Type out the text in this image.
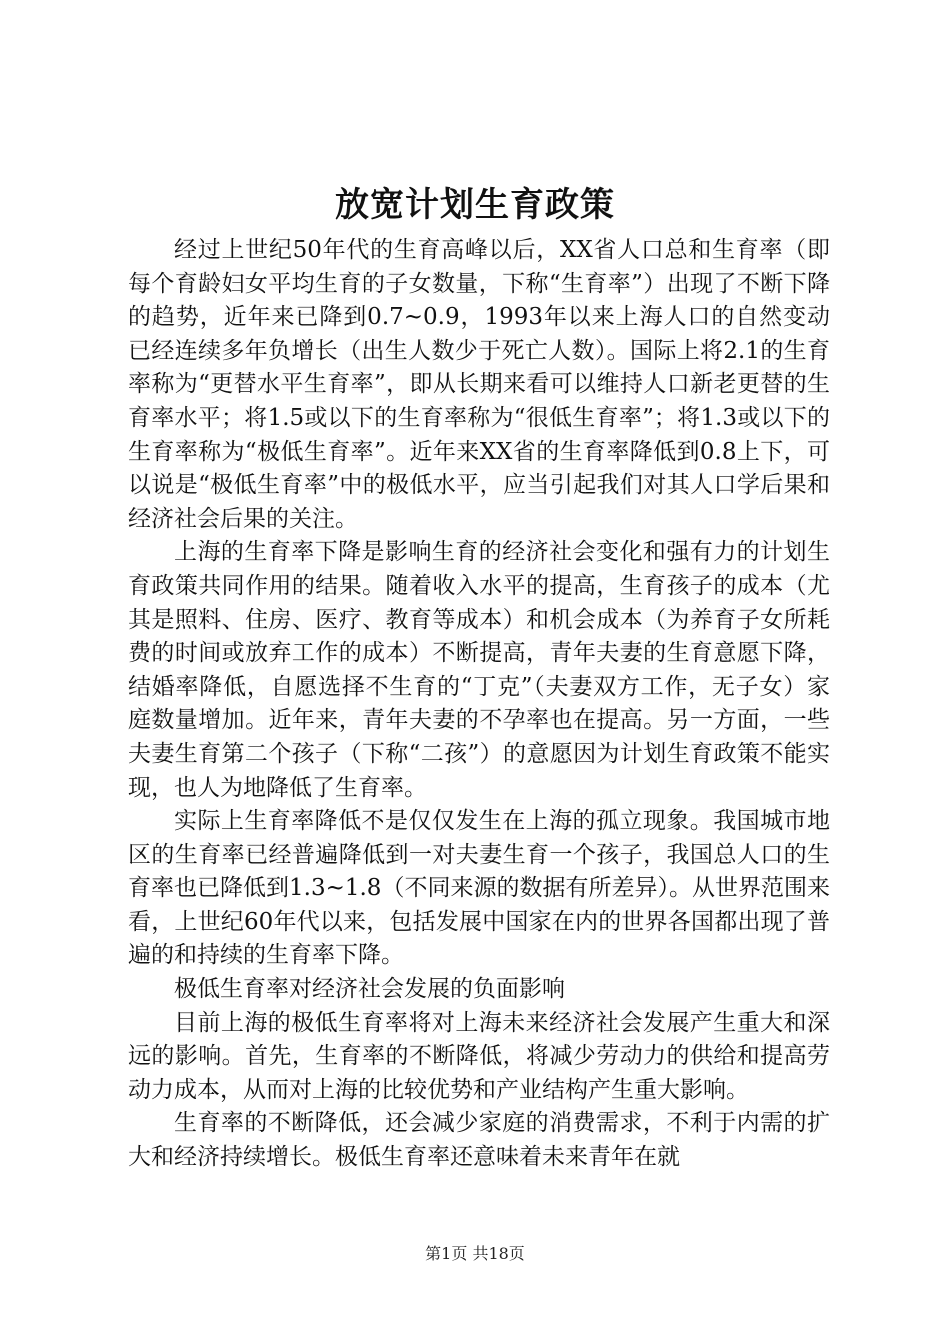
放宽计划生育政策

经过上世纪50年代的生育高峰以后，XX省人口总和生育率（即每个育龄妇女平均生育的子女数量，下称“生育率”）出现了不断下降的趋势，近年来已降到0.7~0.9，1993年以来上海人口的自然变动已经连续多年负增长（出生人数少于死亡人数）。国际上将2.1的生育率称为“更替水平生育率”，即从长期来看可以维持人口新老更替的生育率水平；将1.5或以下的生育率称为“很低生育率”；将1.3或以下的生育率称为“极低生育率”。近年来XX省的生育率降低到0.8上下，可以说是“极低生育率”中的极低水平，应当引起我们对其人口学后果和经济社会后果的关注。

上海的生育率下降是影响生育的经济社会变化和强有力的计划生育政策共同作用的结果。随着收入水平的提高，生育孩子的成本（尤其是照料、住房、医疗、教育等成本）和机会成本（为养育子女所耗费的时间或放弃工作的成本）不断提高，青年夫妻的生育意愿下降，结婚率降低，自愿选择不生育的“丁克”（夫妻双方工作，无子女）家庭数量增加。近年来，青年夫妻的不孕率也在提高。另一方面，一些夫妻生育第二个孩子（下称“二孩”）的意愿因为计划生育政策不能实现，也人为地降低了生育率。

实际上生育率降低不是仅仅发生在上海的孤立现象。我国城市地区的生育率已经普遍降低到一对夫妻生育一个孩子，我国总人口的生育率也已降低到1.3~1.8（不同来源的数据有所差异）。从世界范围来看，上世纪60年代以来，包括发展中国家在内的世界各国都出现了普遍的和持续的生育率下降。

极低生育率对经济社会发展的负面影响

目前上海的极低生育率将对上海未来经济社会发展产生重大和深远的影响。首先，生育率的不断降低，将减少劳动力的供给和提高劳动力成本，从而对上海的比较优势和产业结构产生重大影响。

生育率的不断降低，还会减少家庭的消费需求，不利于内需的扩大和经济持续增长。极低生育率还意味着未来青年在就

第1页 共18页
